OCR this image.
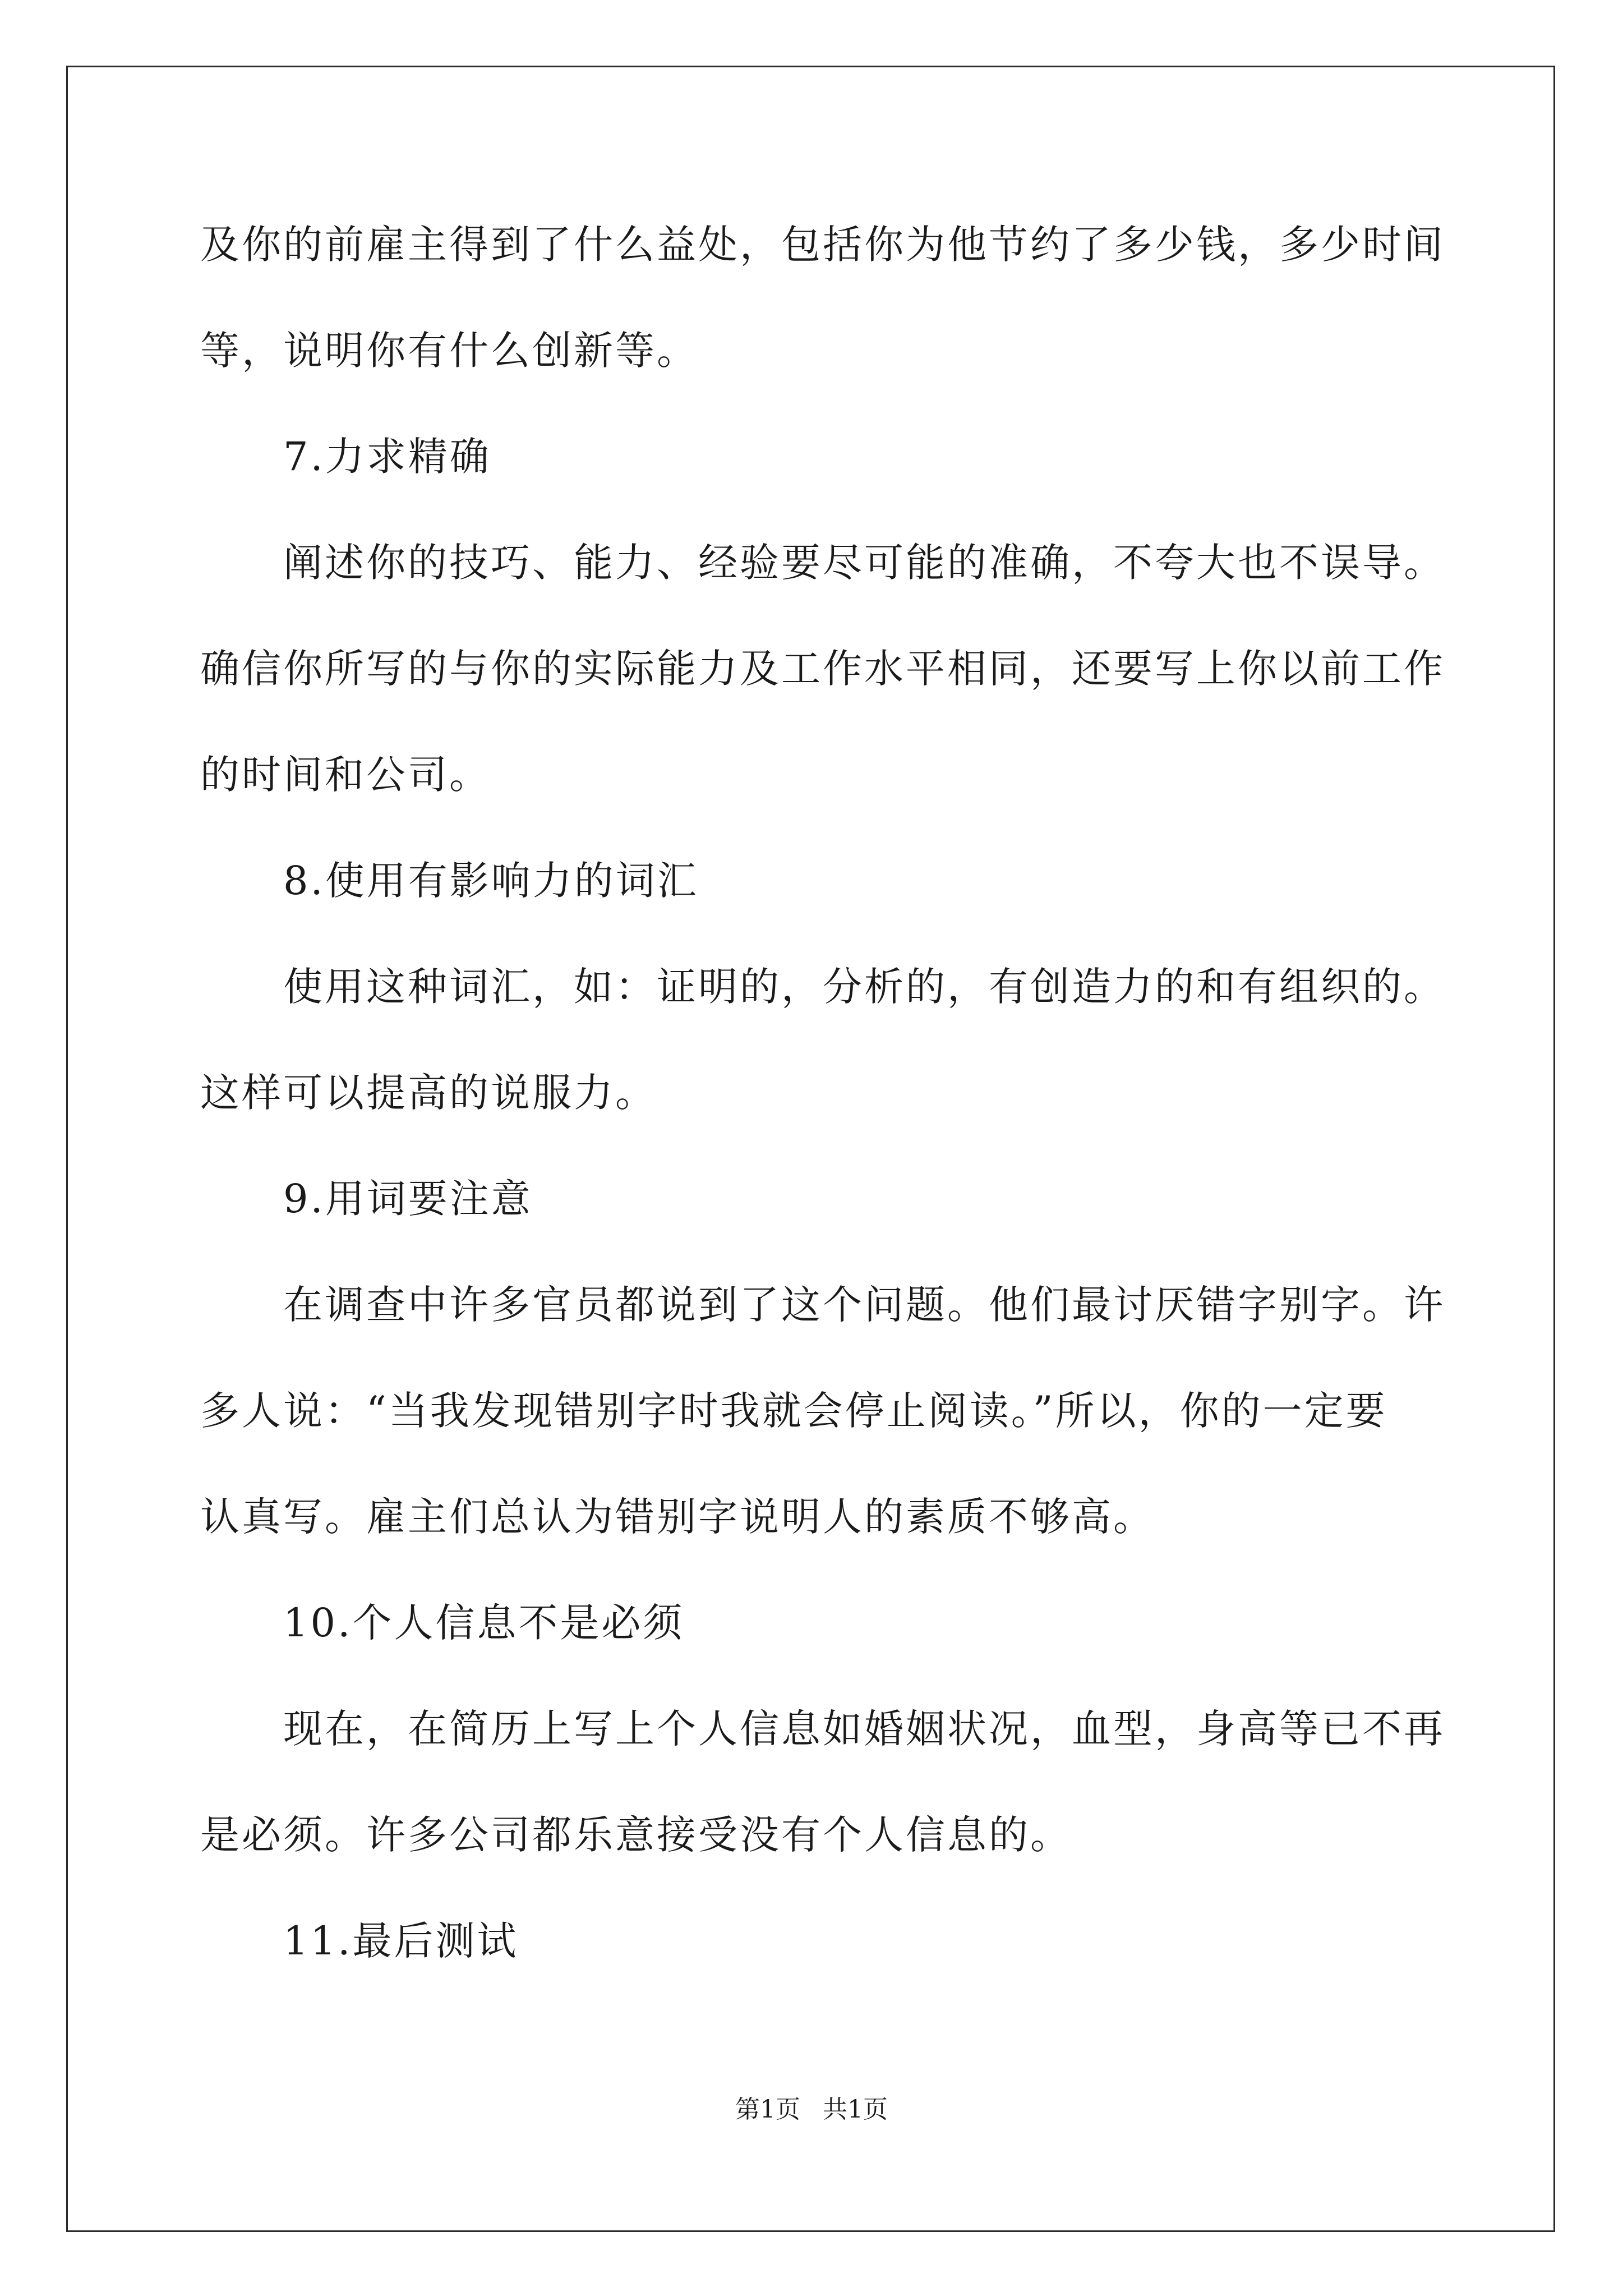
及你的前雇主得到了什么益处，包括你为他节约了多少钱，多少时间
等，说明你有什么创新等。
7.力求精确
阐述你的技巧、能力、经验要尽可能的准确，不夸大也不误导。
确信你所写的与你的实际能力及工作水平相同，还要写上你以前工作
的时间和公司。
8.使用有影响力的词汇
使用这种词汇，如：证明的，分析的，有创造力的和有组织的。
这样可以提高的说服力。
9.用词要注意
在调查中许多官员都说到了这个问题。他们最讨厌错字别字。许
多人说：“当我发现错别字时我就会停止阅读。”所以，你的一定要
认真写。雇主们总认为错别字说明人的素质不够高。
10.个人信息不是必须
现在，在简历上写上个人信息如婚姻状况，血型，身高等已不再
是必须。许多公司都乐意接受没有个人信息的。
11.最后测试
第1页 共1页
